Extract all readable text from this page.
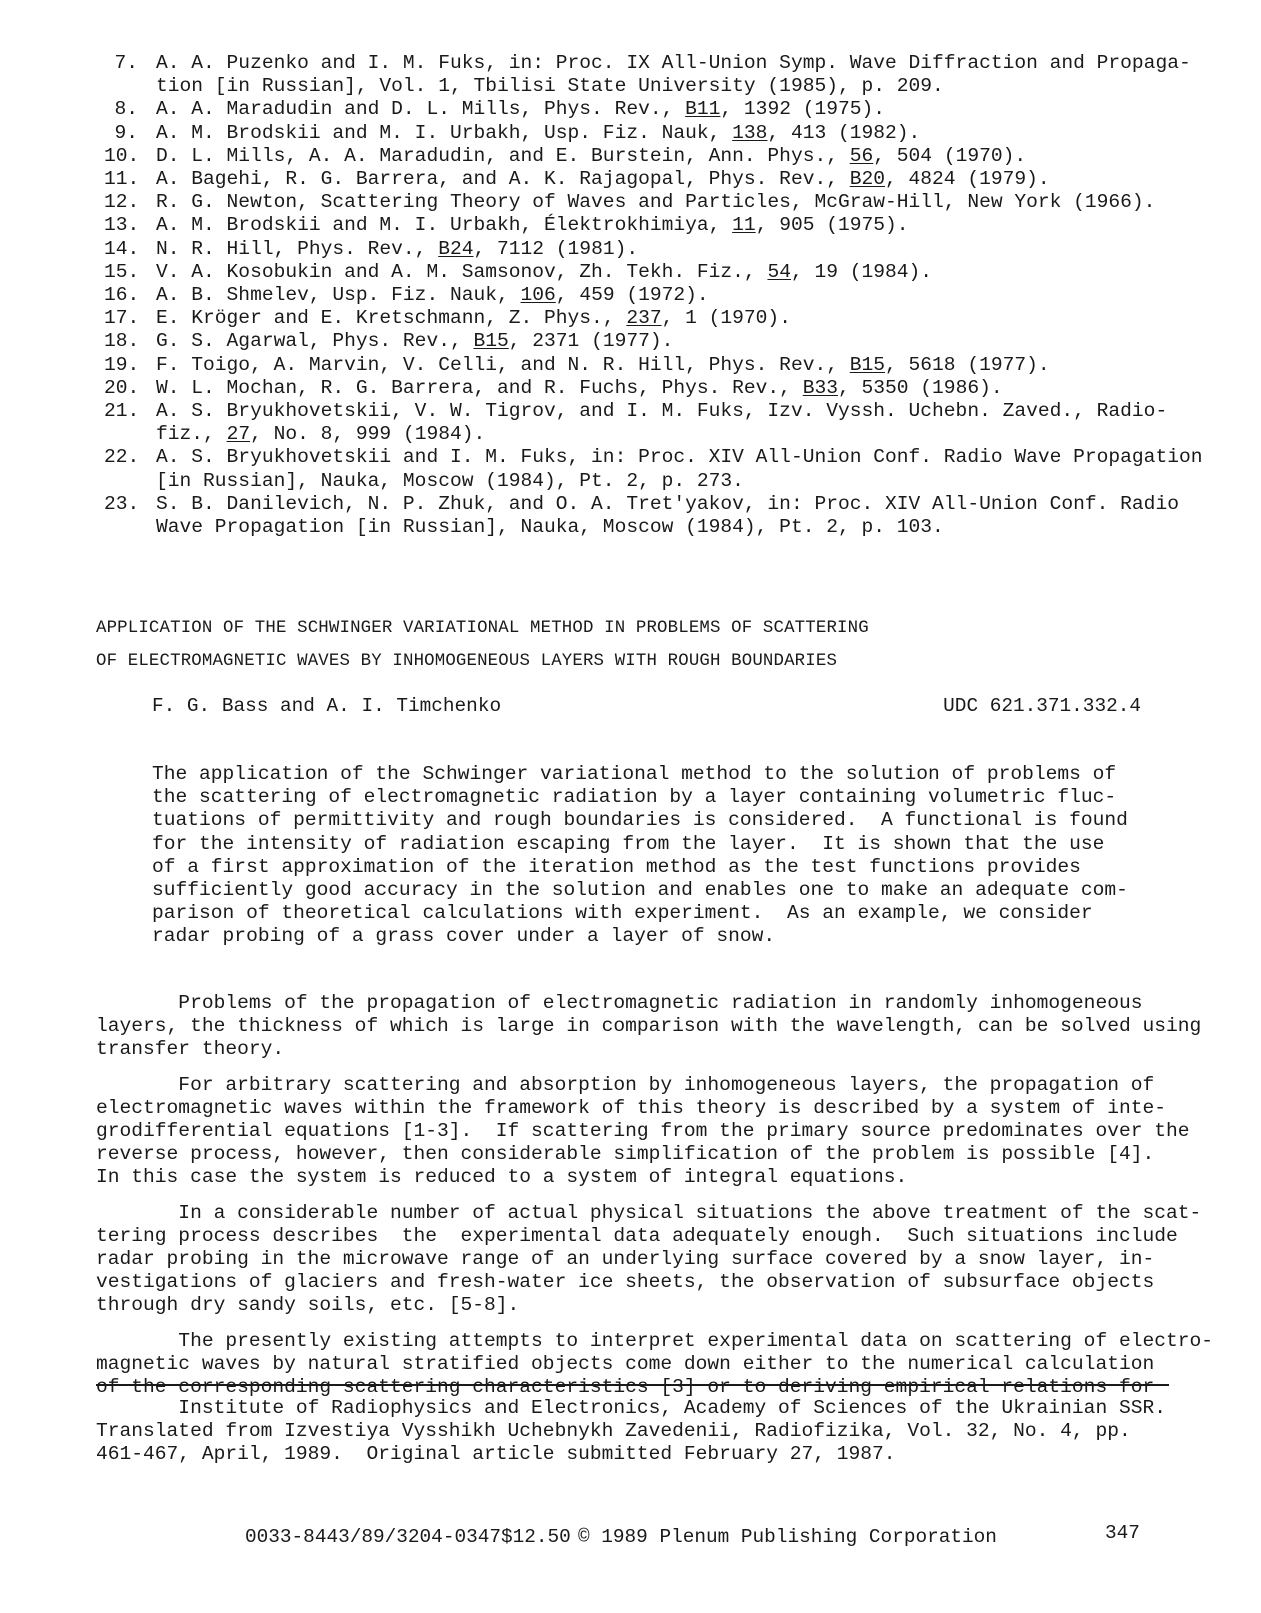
7. A. A. Puzenko and I. M. Fuks, in: Proc. IX All-Union Symp. Wave Diffraction and Propaga-
tion [in Russian], Vol. 1, Tbilisi State University (1985), p. 209.
8. A. A. Maradudin and D. L. Mills, Phys. Rev., B11, 1392 (1975).
9. A. M. Brodskii and M. I. Urbakh, Usp. Fiz. Nauk, 138, 413 (1982).
10. D. L. Mills, A. A. Maradudin, and E. Burstein, Ann. Phys., 56, 504 (1970).
11. A. Bagehi, R. G. Barrera, and A. K. Rajagopal, Phys. Rev., B20, 4824 (1979).
12. R. G. Newton, Scattering Theory of Waves and Particles, McGraw-Hill, New York (1966).
13. A. M. Brodskii and M. I. Urbakh, Élektrokhimiya, 11, 905 (1975).
14. N. R. Hill, Phys. Rev., B24, 7112 (1981).
15. V. A. Kosobukin and A. M. Samsonov, Zh. Tekh. Fiz., 54, 19 (1984).
16. A. B. Shmelev, Usp. Fiz. Nauk, 106, 459 (1972).
17. E. Kröger and E. Kretschmann, Z. Phys., 237, 1 (1970).
18. G. S. Agarwal, Phys. Rev., B15, 2371 (1977).
19. F. Toigo, A. Marvin, V. Celli, and N. R. Hill, Phys. Rev., B15, 5618 (1977).
20. W. L. Mochan, R. G. Barrera, and R. Fuchs, Phys. Rev., B33, 5350 (1986).
21. A. S. Bryukhovetskii, V. W. Tigrov, and I. M. Fuks, Izv. Vyssh. Uchebn. Zaved., Radio-
fiz., 27, No. 8, 999 (1984).
22. A. S. Bryukhovetskii and I. M. Fuks, in: Proc. XIV All-Union Conf. Radio Wave Propagation
[in Russian], Nauka, Moscow (1984), Pt. 2, p. 273.
23. S. B. Danilevich, N. P. Zhuk, and O. A. Tret'yakov, in: Proc. XIV All-Union Conf. Radio
Wave Propagation [in Russian], Nauka, Moscow (1984), Pt. 2, p. 103.
APPLICATION OF THE SCHWINGER VARIATIONAL METHOD IN PROBLEMS OF SCATTERING
OF ELECTROMAGNETIC WAVES BY INHOMOGENEOUS LAYERS WITH ROUGH BOUNDARIES
F. G. Bass and A. I. Timchenko	UDC 621.371.332.4
The application of the Schwinger variational method to the solution of problems of
the scattering of electromagnetic radiation by a layer containing volumetric fluc-
tuations of permittivity and rough boundaries is considered.  A functional is found
for the intensity of radiation escaping from the layer.  It is shown that the use
of a first approximation of the iteration method as the test functions provides
sufficiently good accuracy in the solution and enables one to make an adequate com-
parison of theoretical calculations with experiment.  As an example, we consider
radar probing of a grass cover under a layer of snow.
Problems of the propagation of electromagnetic radiation in randomly inhomogeneous
layers, the thickness of which is large in comparison with the wavelength, can be solved using
transfer theory.
For arbitrary scattering and absorption by inhomogeneous layers, the propagation of
electromagnetic waves within the framework of this theory is described by a system of inte-
grodifferential equations [1-3].  If scattering from the primary source predominates over the
reverse process, however, then considerable simplification of the problem is possible [4].
In this case the system is reduced to a system of integral equations.
In a considerable number of actual physical situations the above treatment of the scat-
tering process describes  the  experimental data adequately enough.  Such situations include
radar probing in the microwave range of an underlying surface covered by a snow layer, in-
vestigations of glaciers and fresh-water ice sheets, the observation of subsurface objects
through dry sandy soils, etc. [5-8].
The presently existing attempts to interpret experimental data on scattering of electro-
magnetic waves by natural stratified objects come down either to the numerical calculation
of the corresponding scattering characteristics [3] or to deriving empirical relations for
Institute of Radiophysics and Electronics, Academy of Sciences of the Ukrainian SSR.
Translated from Izvestiya Vysshikh Uchebnykh Zavedenii, Radiofizika, Vol. 32, No. 4, pp.
461-467, April, 1989.  Original article submitted February 27, 1987.
0033-8443/89/3204-0347$12.50 © 1989 Plenum Publishing Corporation	347
